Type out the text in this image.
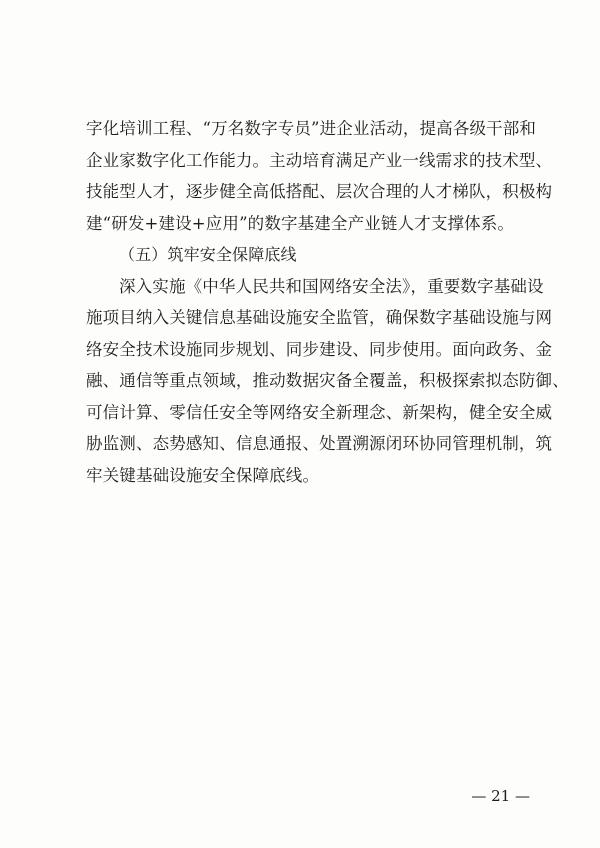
字化培训工程、“万名数字专员”进企业活动，提高各级干部和
企业家数字化工作能力。主动培育满足产业一线需求的技术型、
技能型人才，逐步健全高低搭配、层次合理的人才梯队，积极构
建“研发+建设+应用”的数字基建全产业链人才支撑体系。
（五）筑牢安全保障底线
深入实施《中华人民共和国网络安全法》，重要数字基础设
施项目纳入关键信息基础设施安全监管，确保数字基础设施与网
络安全技术设施同步规划、同步建设、同步使用。面向政务、金
融、通信等重点领域，推动数据灾备全覆盖，积极探索拟态防御、
可信计算、零信任安全等网络安全新理念、新架构，健全安全威
胁监测、态势感知、信息通报、处置溯源闭环协同管理机制，筑
牢关键基础设施安全保障底线。
— 21 —
